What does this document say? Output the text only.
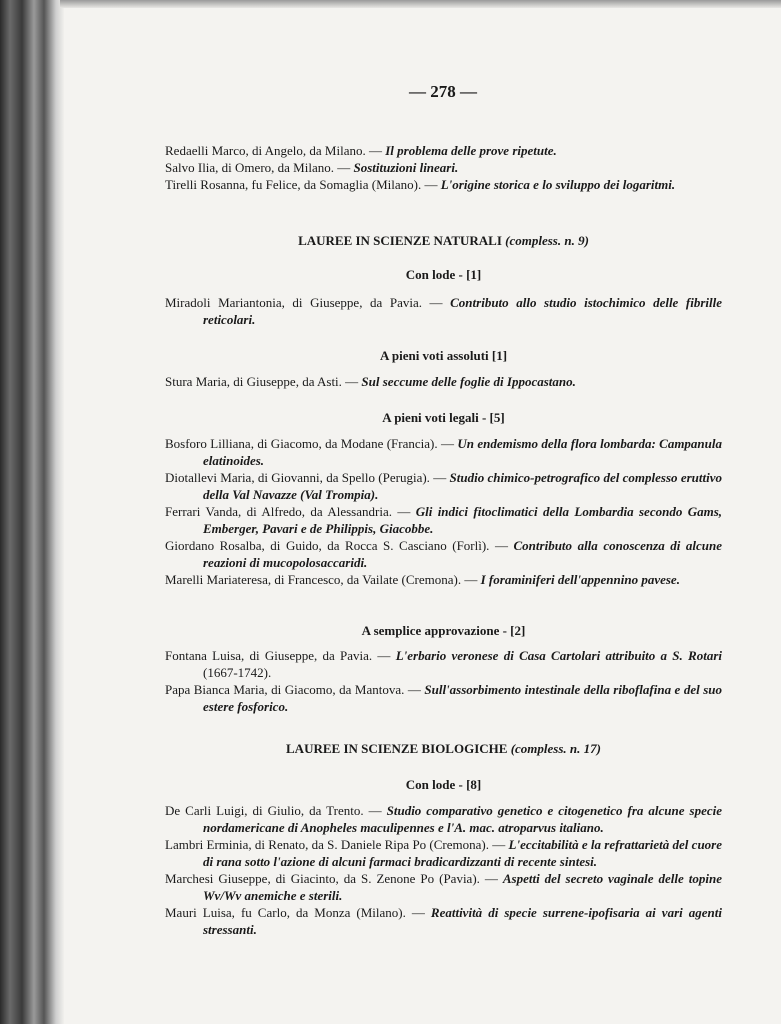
— 278 —
Redaelli Marco, di Angelo, da Milano. — Il problema delle prove ripetute.
Salvo Ilia, di Omero, da Milano. — Sostituzioni lineari.
Tirelli Rosanna, fu Felice, da Somaglia (Milano). — L'origine storica e lo sviluppo dei logaritmi.
LAUREE IN SCIENZE NATURALI (compless. n. 9)
Con lode - [1]
Miradoli Mariantonia, di Giuseppe, da Pavia. — Contributo allo studio istochimico delle fibrille reticolari.
A pieni voti assoluti [1]
Stura Maria, di Giuseppe, da Asti. — Sul seccume delle foglie di Ippocastano.
A pieni voti legali - [5]
Bosforo Lilliana, di Giacomo, da Modane (Francia). — Un endemismo della flora lombarda: Campanula elatinoides.
Diotallevi Maria, di Giovanni, da Spello (Perugia). — Studio chimico-petrografico del complesso eruttivo della Val Navazze (Val Trompia).
Ferrari Vanda, di Alfredo, da Alessandria. — Gli indici fitoclimatici della Lombardia secondo Gams, Emberger, Pavari e de Philippis, Giacobbe.
Giordano Rosalba, di Guido, da Rocca S. Casciano (Forlì). — Contributo alla conoscenza di alcune reazioni di mucopolosaccaridi.
Marelli Mariateresa, di Francesco, da Vailate (Cremona). — I foraminiferi dell'appennino pavese.
A semplice approvazione - [2]
Fontana Luisa, di Giuseppe, da Pavia. — L'erbario veronese di Casa Cartolari attribuito a S. Rotari (1667-1742).
Papa Bianca Maria, di Giacomo, da Mantova. — Sull'assorbimento intestinale della riboflafina e del suo estere fosforico.
LAUREE IN SCIENZE BIOLOGICHE (compless. n. 17)
Con lode - [8]
De Carli Luigi, di Giulio, da Trento. — Studio comparativo genetico e citogenetico fra alcune specie nordamericane di Anopheles maculipennes e l'A. mac. atroparvus italiano.
Lambri Erminia, di Renato, da S. Daniele Ripa Po (Cremona). — L'eccitabilità e la refrattarietà del cuore di rana sotto l'azione di alcuni farmaci bradicardizzanti di recente sintesi.
Marchesi Giuseppe, di Giacinto, da S. Zenone Po (Pavia). — Aspetti del secreto vaginale delle topine Wv/Wv anemiche e sterili.
Mauri Luisa, fu Carlo, da Monza (Milano). — Reattività di specie surrene-ipofisaria ai vari agenti stressanti.
